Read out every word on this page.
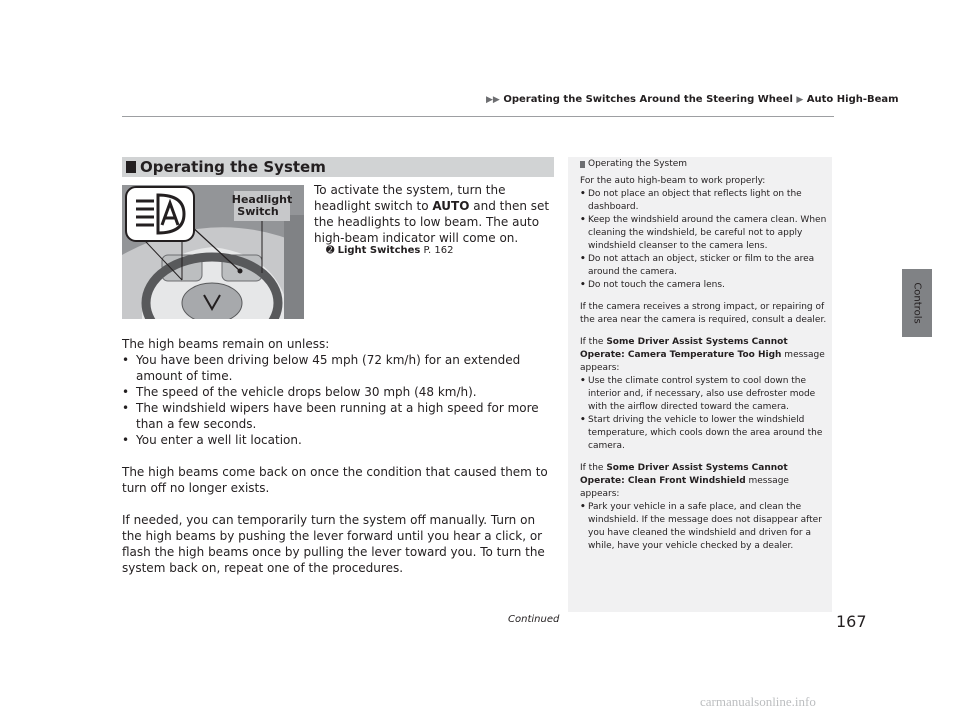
▶▶ Operating the Switches Around the Steering Wheel ▶ Auto High-Beam
Controls
Operating the System
Headlight
Switch
To activate the system, turn the headlight switch to AUTO and then set the headlights to low beam. The auto high-beam indicator will come on.
➋ Light Switches P. 162

The high beams remain on unless:

• You have been driving below 45 mph (72 km/h) for an extended amount of time.
• The speed of the vehicle drops below 30 mph (48 km/h).
• The windshield wipers have been running at a high speed for more than a few seconds.
• You enter a well lit location.

The high beams come back on once the condition that caused them to turn off no longer exists.

If needed, you can temporarily turn the system off manually. Turn on the high beams by pushing the lever forward until you hear a click, or flash the high beams once by pulling the lever toward you. To turn the system back on, repeat one of the procedures.

Operating the System

For the auto high-beam to work properly:

• Do not place an object that reflects light on the dashboard.
• Keep the windshield around the camera clean. When cleaning the windshield, be careful not to apply windshield cleanser to the camera lens.
• Do not attach an object, sticker or film to the area around the camera.
• Do not touch the camera lens.

If the camera receives a strong impact, or repairing of the area near the camera is required, consult a dealer.

If the Some Driver Assist Systems Cannot Operate: Camera Temperature Too High message appears:

• Use the climate control system to cool down the interior and, if necessary, also use defroster mode with the airflow directed toward the camera.
• Start driving the vehicle to lower the windshield temperature, which cools down the area around the camera.

If the Some Driver Assist Systems Cannot Operate: Clean Front Windshield message appears:

• Park your vehicle in a safe place, and clean the windshield. If the message does not disappear after you have cleaned the windshield and driven for a while, have your vehicle checked by a dealer.
Continued	167
carmanualsonline.info
